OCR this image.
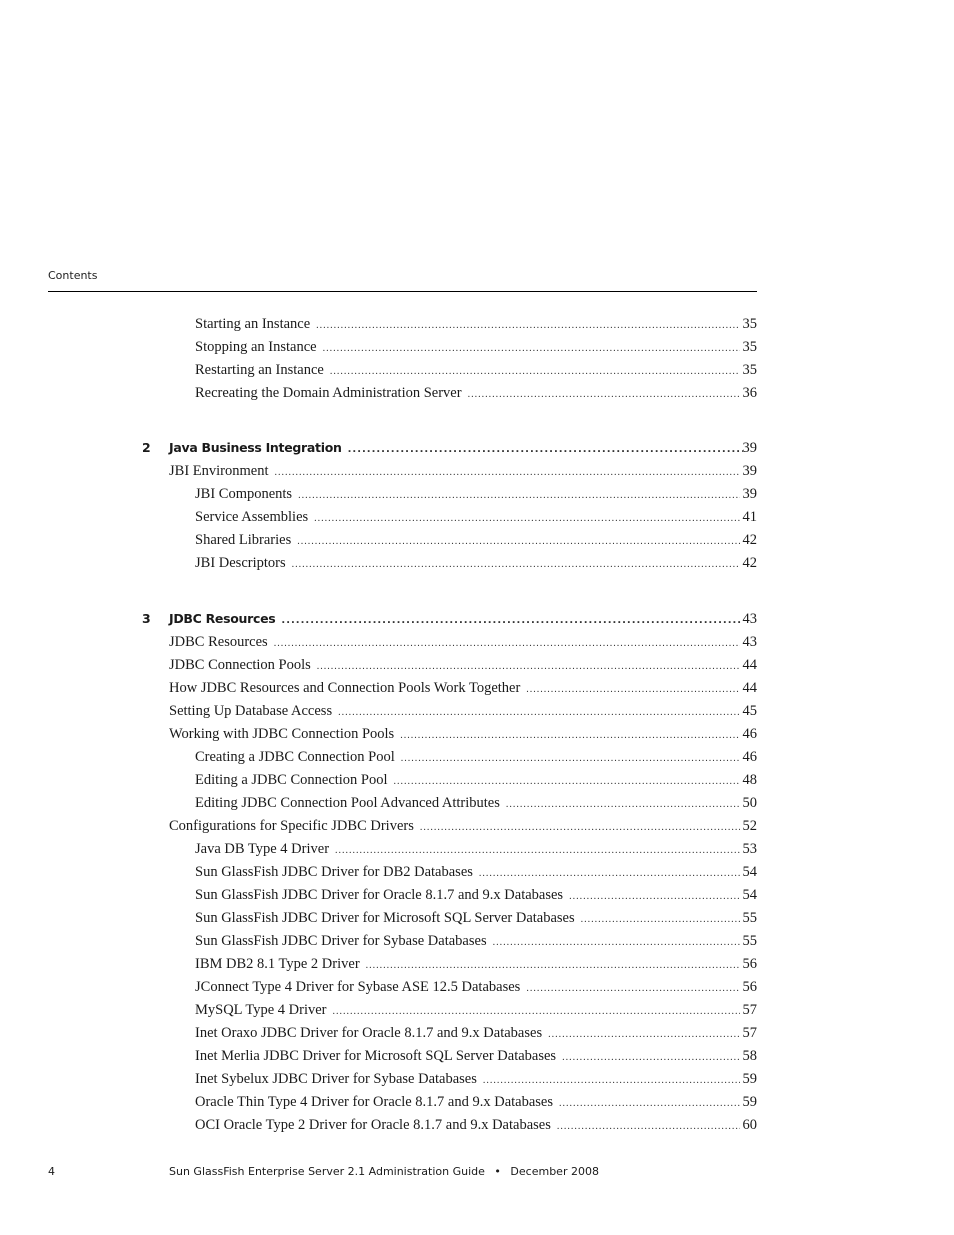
Contents
Starting an Instance .....	35
Stopping an Instance .....	35
Restarting an Instance .....	35
Recreating the Domain Administration Server .....	36
2 Java Business Integration .....	39
JBI Environment .....	39
JBI Components .....	39
Service Assemblies .....	41
Shared Libraries .....	42
JBI Descriptors .....	42
3 JDBC Resources .....	43
JDBC Resources .....	43
JDBC Connection Pools .....	44
How JDBC Resources and Connection Pools Work Together .....	44
Setting Up Database Access .....	45
Working with JDBC Connection Pools .....	46
Creating a JDBC Connection Pool .....	46
Editing a JDBC Connection Pool .....	48
Editing JDBC Connection Pool Advanced Attributes .....	50
Configurations for Specific JDBC Drivers .....	52
Java DB Type 4 Driver .....	53
Sun GlassFish JDBC Driver for DB2 Databases .....	54
Sun GlassFish JDBC Driver for Oracle 8.1.7 and 9.x Databases .....	54
Sun GlassFish JDBC Driver for Microsoft SQL Server Databases .....	55
Sun GlassFish JDBC Driver for Sybase Databases .....	55
IBM DB2 8.1 Type 2 Driver .....	56
JConnect Type 4 Driver for Sybase ASE 12.5 Databases .....	56
MySQL Type 4 Driver .....	57
Inet Oraxo JDBC Driver for Oracle 8.1.7 and 9.x Databases .....	57
Inet Merlia JDBC Driver for Microsoft SQL Server Databases .....	58
Inet Sybelux JDBC Driver for Sybase Databases .....	59
Oracle Thin Type 4 Driver for Oracle 8.1.7 and 9.x Databases .....	59
OCI Oracle Type 2 Driver for Oracle 8.1.7 and 9.x Databases .....	60
4	Sun GlassFish Enterprise Server 2.1 Administration Guide • December 2008
